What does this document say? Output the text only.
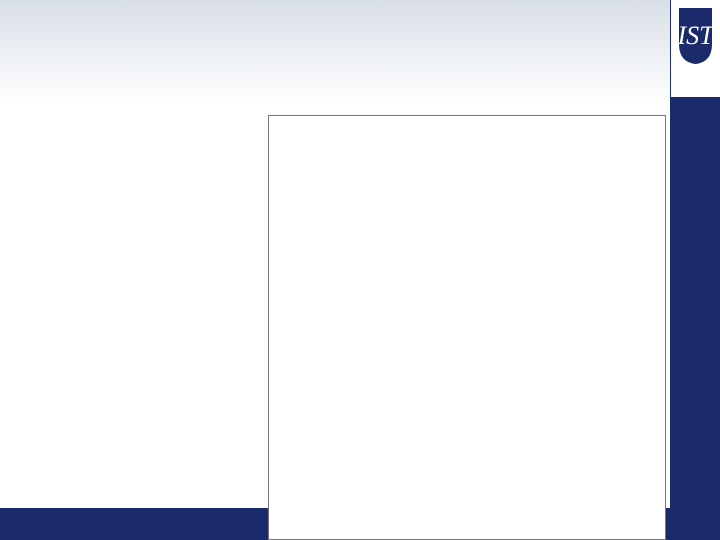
IST
